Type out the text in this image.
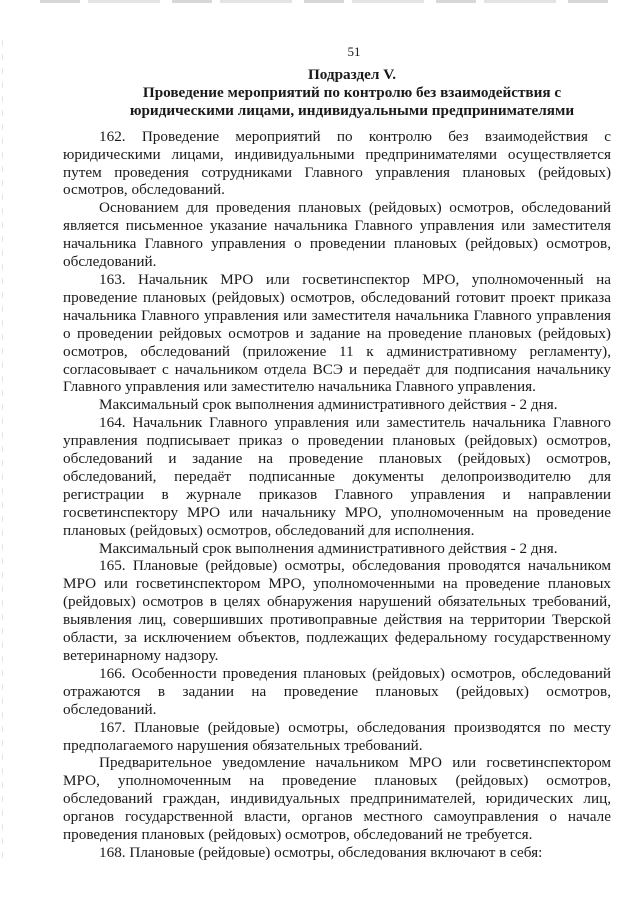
51

Подраздел V.

Проведение мероприятий по контролю без взаимодействия с юридическими лицами, индивидуальными предпринимателями

162. Проведение мероприятий по контролю без взаимодействия с юридическими лицами, индивидуальными предпринимателями осуществляется путем проведения сотрудниками Главного управления плановых (рейдовых) осмотров, обследований.

Основанием для проведения плановых (рейдовых) осмотров, обследований является письменное указание начальника Главного управления или заместителя начальника Главного управления о проведении плановых (рейдовых) осмотров, обследований.

163. Начальник МРО или госветинспектор МРО, уполномоченный на проведение плановых (рейдовых) осмотров, обследований готовит проект приказа начальника Главного управления или заместителя начальника Главного управления о проведении рейдовых осмотров и задание на проведение плановых (рейдовых) осмотров, обследований (приложение 11 к административному регламенту), согласовывает с начальником отдела ВСЭ и передаёт для подписания начальнику Главного управления или заместителю начальника Главного управления.

Максимальный срок выполнения административного действия - 2 дня.

164. Начальник Главного управления или заместитель начальника Главного управления подписывает приказ о проведении плановых (рейдовых) осмотров, обследований и задание на проведение плановых (рейдовых) осмотров, обследований, передаёт подписанные документы делопроизводителю для регистрации в журнале приказов Главного управления и направлении госветинспектору МРО или начальнику МРО, уполномоченным на проведение плановых (рейдовых) осмотров, обследований для исполнения.

Максимальный срок выполнения административного действия - 2 дня.

165. Плановые (рейдовые) осмотры, обследования проводятся начальником МРО или госветинспектором МРО, уполномоченными на проведение плановых (рейдовых) осмотров в целях обнаружения нарушений обязательных требований, выявления лиц, совершивших противоправные действия на территории Тверской области, за исключением объектов, подлежащих федеральному государственному ветеринарному надзору.

166. Особенности проведения плановых (рейдовых) осмотров, обследований отражаются в задании на проведение плановых (рейдовых) осмотров, обследований.

167. Плановые (рейдовые) осмотры, обследования производятся по месту предполагаемого нарушения обязательных требований.

Предварительное уведомление начальником МРО или госветинспектором МРО, уполномоченным на проведение плановых (рейдовых) осмотров, обследований граждан, индивидуальных предпринимателей, юридических лиц, органов государственной власти, органов местного самоуправления о начале проведения плановых (рейдовых) осмотров, обследований не требуется.

168. Плановые (рейдовые) осмотры, обследования включают в себя:
